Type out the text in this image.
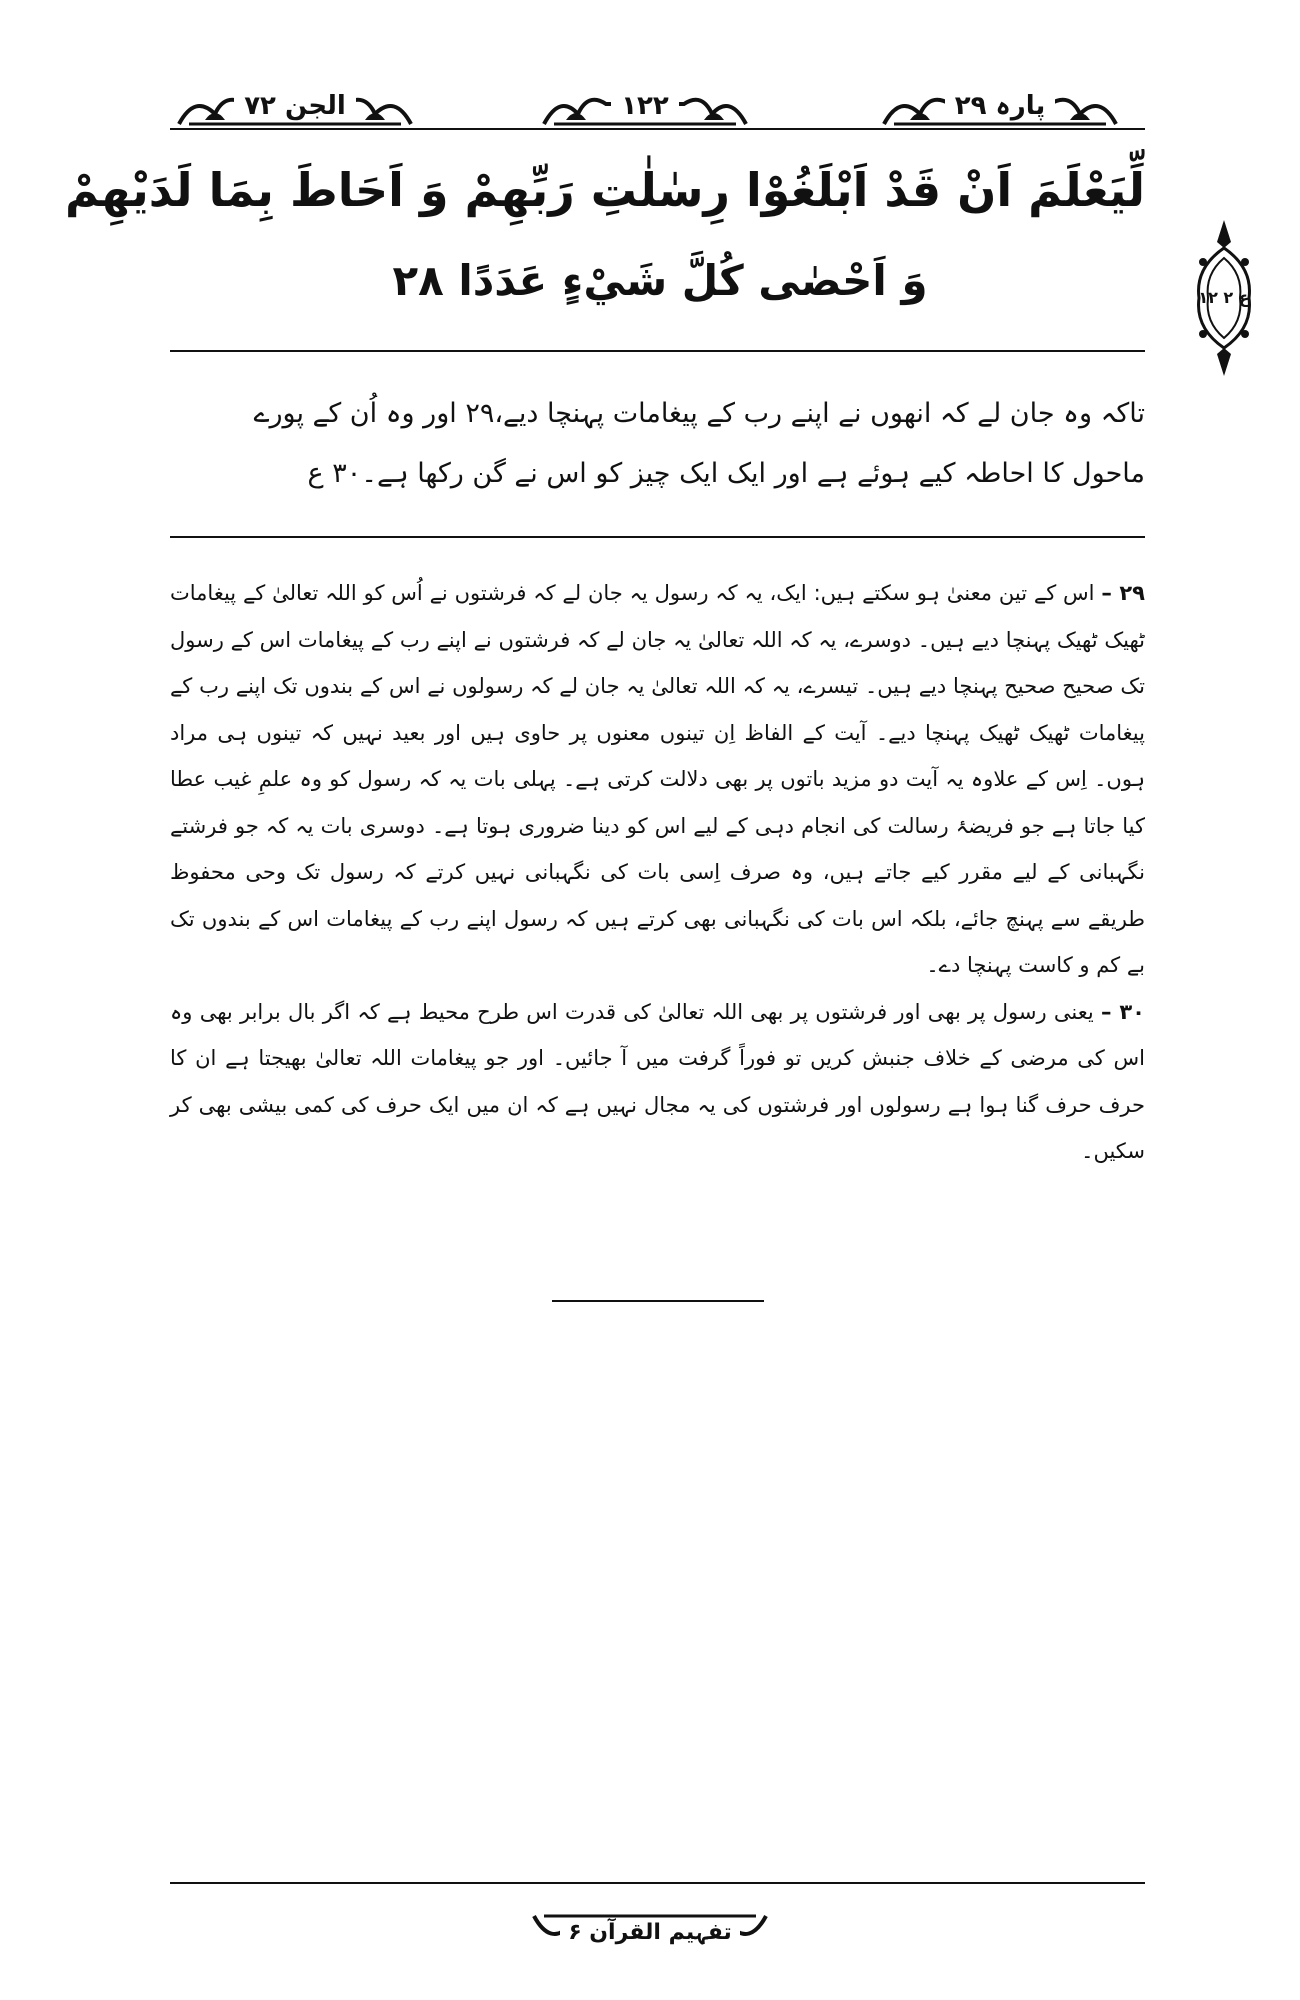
الجن ۷۲	۱۲۲	پارہ ۲۹
لِّيَعْلَمَ اَنْ قَدْ اَبْلَغُوْا رِسٰلٰتِ رَبِّهِمْ وَ اَحَاطَ بِمَا لَدَيْهِمْ
وَ اَحْصٰى كُلَّ شَيْءٍ عَدَدًا ۲۸	ع ۲ ۱۲
تاکہ وہ جان لے کہ انھوں نے اپنے رب کے پیغامات پہنچا دیے،۲۹ اور وہ اُن کے پورے
ماحول کا احاطہ کیے ہوئے ہے اور ایک ایک چیز کو اس نے گن رکھا ہے۔۳۰ ع

۲۹ – اس کے تین معنیٰ ہو سکتے ہیں: ایک، یہ کہ رسول یہ جان لے کہ فرشتوں نے اُس کو اللہ تعالیٰ کے پیغامات ٹھیک ٹھیک پہنچا دیے ہیں۔ دوسرے، یہ کہ اللہ تعالیٰ یہ جان لے کہ فرشتوں نے اپنے رب کے پیغامات اس کے رسول تک صحیح صحیح پہنچا دیے ہیں۔ تیسرے، یہ کہ اللہ تعالیٰ یہ جان لے کہ رسولوں نے اس کے بندوں تک اپنے رب کے پیغامات ٹھیک ٹھیک پہنچا دیے۔ آیت کے الفاظ اِن تینوں معنوں پر حاوی ہیں اور بعید نہیں کہ تینوں ہی مراد ہوں۔ اِس کے علاوہ یہ آیت دو مزید باتوں پر بھی دلالت کرتی ہے۔ پہلی بات یہ کہ رسول کو وہ علمِ غیب عطا کیا جاتا ہے جو فریضۂ رسالت کی انجام دہی کے لیے اس کو دینا ضروری ہوتا ہے۔ دوسری بات یہ کہ جو فرشتے نگہبانی کے لیے مقرر کیے جاتے ہیں، وہ صرف اِسی بات کی نگہبانی نہیں کرتے کہ رسول تک وحی محفوظ طریقے سے پہنچ جائے، بلکہ اس بات کی نگہبانی بھی کرتے ہیں کہ رسول اپنے رب کے پیغامات اس کے بندوں تک بے کم و کاست پہنچا دے۔

۳۰ – یعنی رسول پر بھی اور فرشتوں پر بھی اللہ تعالیٰ کی قدرت اس طرح محیط ہے کہ اگر بال برابر بھی وہ اس کی مرضی کے خلاف جنبش کریں تو فوراً گرفت میں آ جائیں۔ اور جو پیغامات اللہ تعالیٰ بھیجتا ہے ان کا حرف حرف گنا ہوا ہے رسولوں اور فرشتوں کی یہ مجال نہیں ہے کہ ان میں ایک حرف کی کمی بیشی بھی کر سکیں۔

تفہیم القرآن ۶
